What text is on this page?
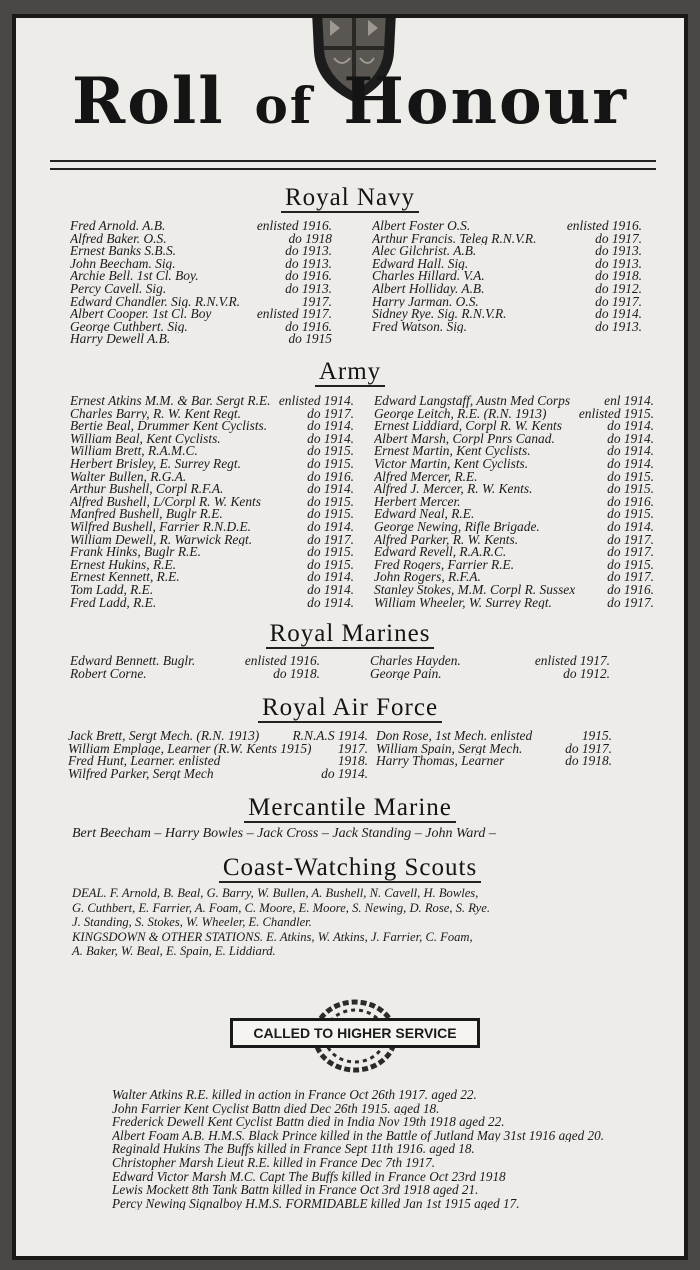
Roll of Honour
Royal Navy
Fred Arnold. A.B.	enlisted 1916.
Alfred Baker. O.S.	do 1918
Ernest Banks S.B.S.	do 1913.
John Beecham. Sig.	do 1913.
Archie Bell. 1st Cl. Boy.	do 1916.
Percy Cavell. Sig.	do 1913.
Edward Chandler. Sig. R.N.V.R.	1917.
Albert Cooper. 1st Cl. Boy	enlisted 1917.
George Cuthbert. Sig.	do 1916.
Harry Dewell A.B.	do 1915
Albert Foster O.S.	enlisted 1916.
Arthur Francis. Teleg R.N.V.R.	do 1917.
Alec Gilchrist. A.B.	do 1913.
Edward Hall. Sig.	do 1913.
Charles Hillard. V.A.	do 1918.
Albert Holliday. A.B.	do 1912.
Harry Jarman. O.S.	do 1917.
Sidney Rye. Sig. R.N.V.R.	do 1914.
Fred Watson. Sig.	do 1913.
Army
Ernest Atkins M.M. & Bar. Sergt R.E. enlisted 1914.
Charles Barry, R. W. Kent Regt.	do 1917.
Bertie Beal, Drummer Kent Cyclists.	do 1914.
William Beal, Kent Cyclists.	do 1914.
William Brett, R.A.M.C.	do 1915.
Herbert Brisley, E. Surrey Regt.	do 1915.
Walter Bullen, R.G.A.	do 1916.
Arthur Bushell, Corpl R.F.A.	do 1914.
Alfred Bushell, L/Corpl R. W. Kents	do 1915.
Manfred Bushell, Buglr R.E.	do 1915.
Wilfred Bushell, Farrier R.N.D.E.	do 1914.
William Dewell, R. Warwick Regt.	do 1917.
Frank Hinks, Buglr R.E.	do 1915.
Ernest Hukins, R.E.	do 1915.
Ernest Kennett, R.E.	do 1914.
Tom Ladd, R.E.	do 1914.
Fred Ladd, R.E.	do 1914.
Edward Langstaff, Austn Med Corps	enl 1914.
George Leitch, R.E. (R.N. 1913)	enlisted 1915.
Ernest Liddiard, Corpl R. W. Kents	do 1914.
Albert Marsh, Corpl Pnrs Canad.	do 1914.
Ernest Martin, Kent Cyclists.	do 1914.
Victor Martin, Kent Cyclists.	do 1914.
Alfred Mercer, R.E.	do 1915.
Alfred J. Mercer, R. W. Kents.	do 1915.
Herbert Mercer.	do 1916.
Edward Neal, R.E.	do 1915.
George Newing, Rifle Brigade.	do 1914.
Alfred Parker, R. W. Kents.	do 1917.
Edward Revell, R.A.R.C.	do 1917.
Fred Rogers, Farrier R.E.	do 1915.
John Rogers, R.F.A.	do 1917.
Stanley Stokes, M.M. Corpl R. Sussex	do 1916.
William Wheeler, W. Surrey Regt.	do 1917.
Royal Marines
Edward Bennett. Buglr.	enlisted 1916.
Robert Corne.	do 1918.
Charles Hayden.	enlisted 1917.
George Pain.	do 1912.
Royal Air Force
Jack Brett, Sergt Mech. (R.N. 1913)	R.N.A.S 1914.
William Emplage, Learner (R.W. Kents 1915)	1917.
Fred Hunt, Learner. enlisted	1918.
Wilfred Parker, Sergt Mech	do 1914.
Don Rose, 1st Mech. enlisted	1915.
William Spain, Sergt Mech.	do 1917.
Harry Thomas, Learner	do 1918.
Mercantile Marine
Bert Beecham – Harry Bowles – Jack Cross – Jack Standing – John Ward –
Coast-Watching Scouts
DEAL. F. Arnold, B. Beal, G. Barry, W. Bullen, A. Bushell, N. Cavell, H. Bowles,
G. Cuthbert, E. Farrier, A. Foam, C. Moore, E. Moore, S. Newing, D. Rose, S. Rye.
J. Standing, S. Stokes, W. Wheeler, E. Chandler.
KINGSDOWN & OTHER STATIONS. E. Atkins, W. Atkins, J. Farrier, C. Foam,
A. Baker, W. Beal, E. Spain, E. Liddiard.
CALLED TO HIGHER SERVICE
Walter Atkins R.E. killed in action in France Oct 26th 1917. aged 22.
John Farrier Kent Cyclist Battn died Dec 26th 1915. aged 18.
Frederick Dewell Kent Cyclist Battn died in India Nov 19th 1918 aged 22.
Albert Foam A.B. H.M.S. Black Prince killed in the Battle of Jutland May 31st 1916 aged 20.
Reginald Hukins The Buffs killed in France Sept 11th 1916. aged 18.
Christopher Marsh Lieut R.E. killed in France Dec 7th 1917.
Edward Victor Marsh M.C. Capt The Buffs killed in France Oct 23rd 1918
Lewis Mockett 8th Tank Battn killed in France Oct 3rd 1918 aged 21.
Percy Newing Signalboy H.M.S. FORMIDABLE killed Jan 1st 1915 aged 17.
